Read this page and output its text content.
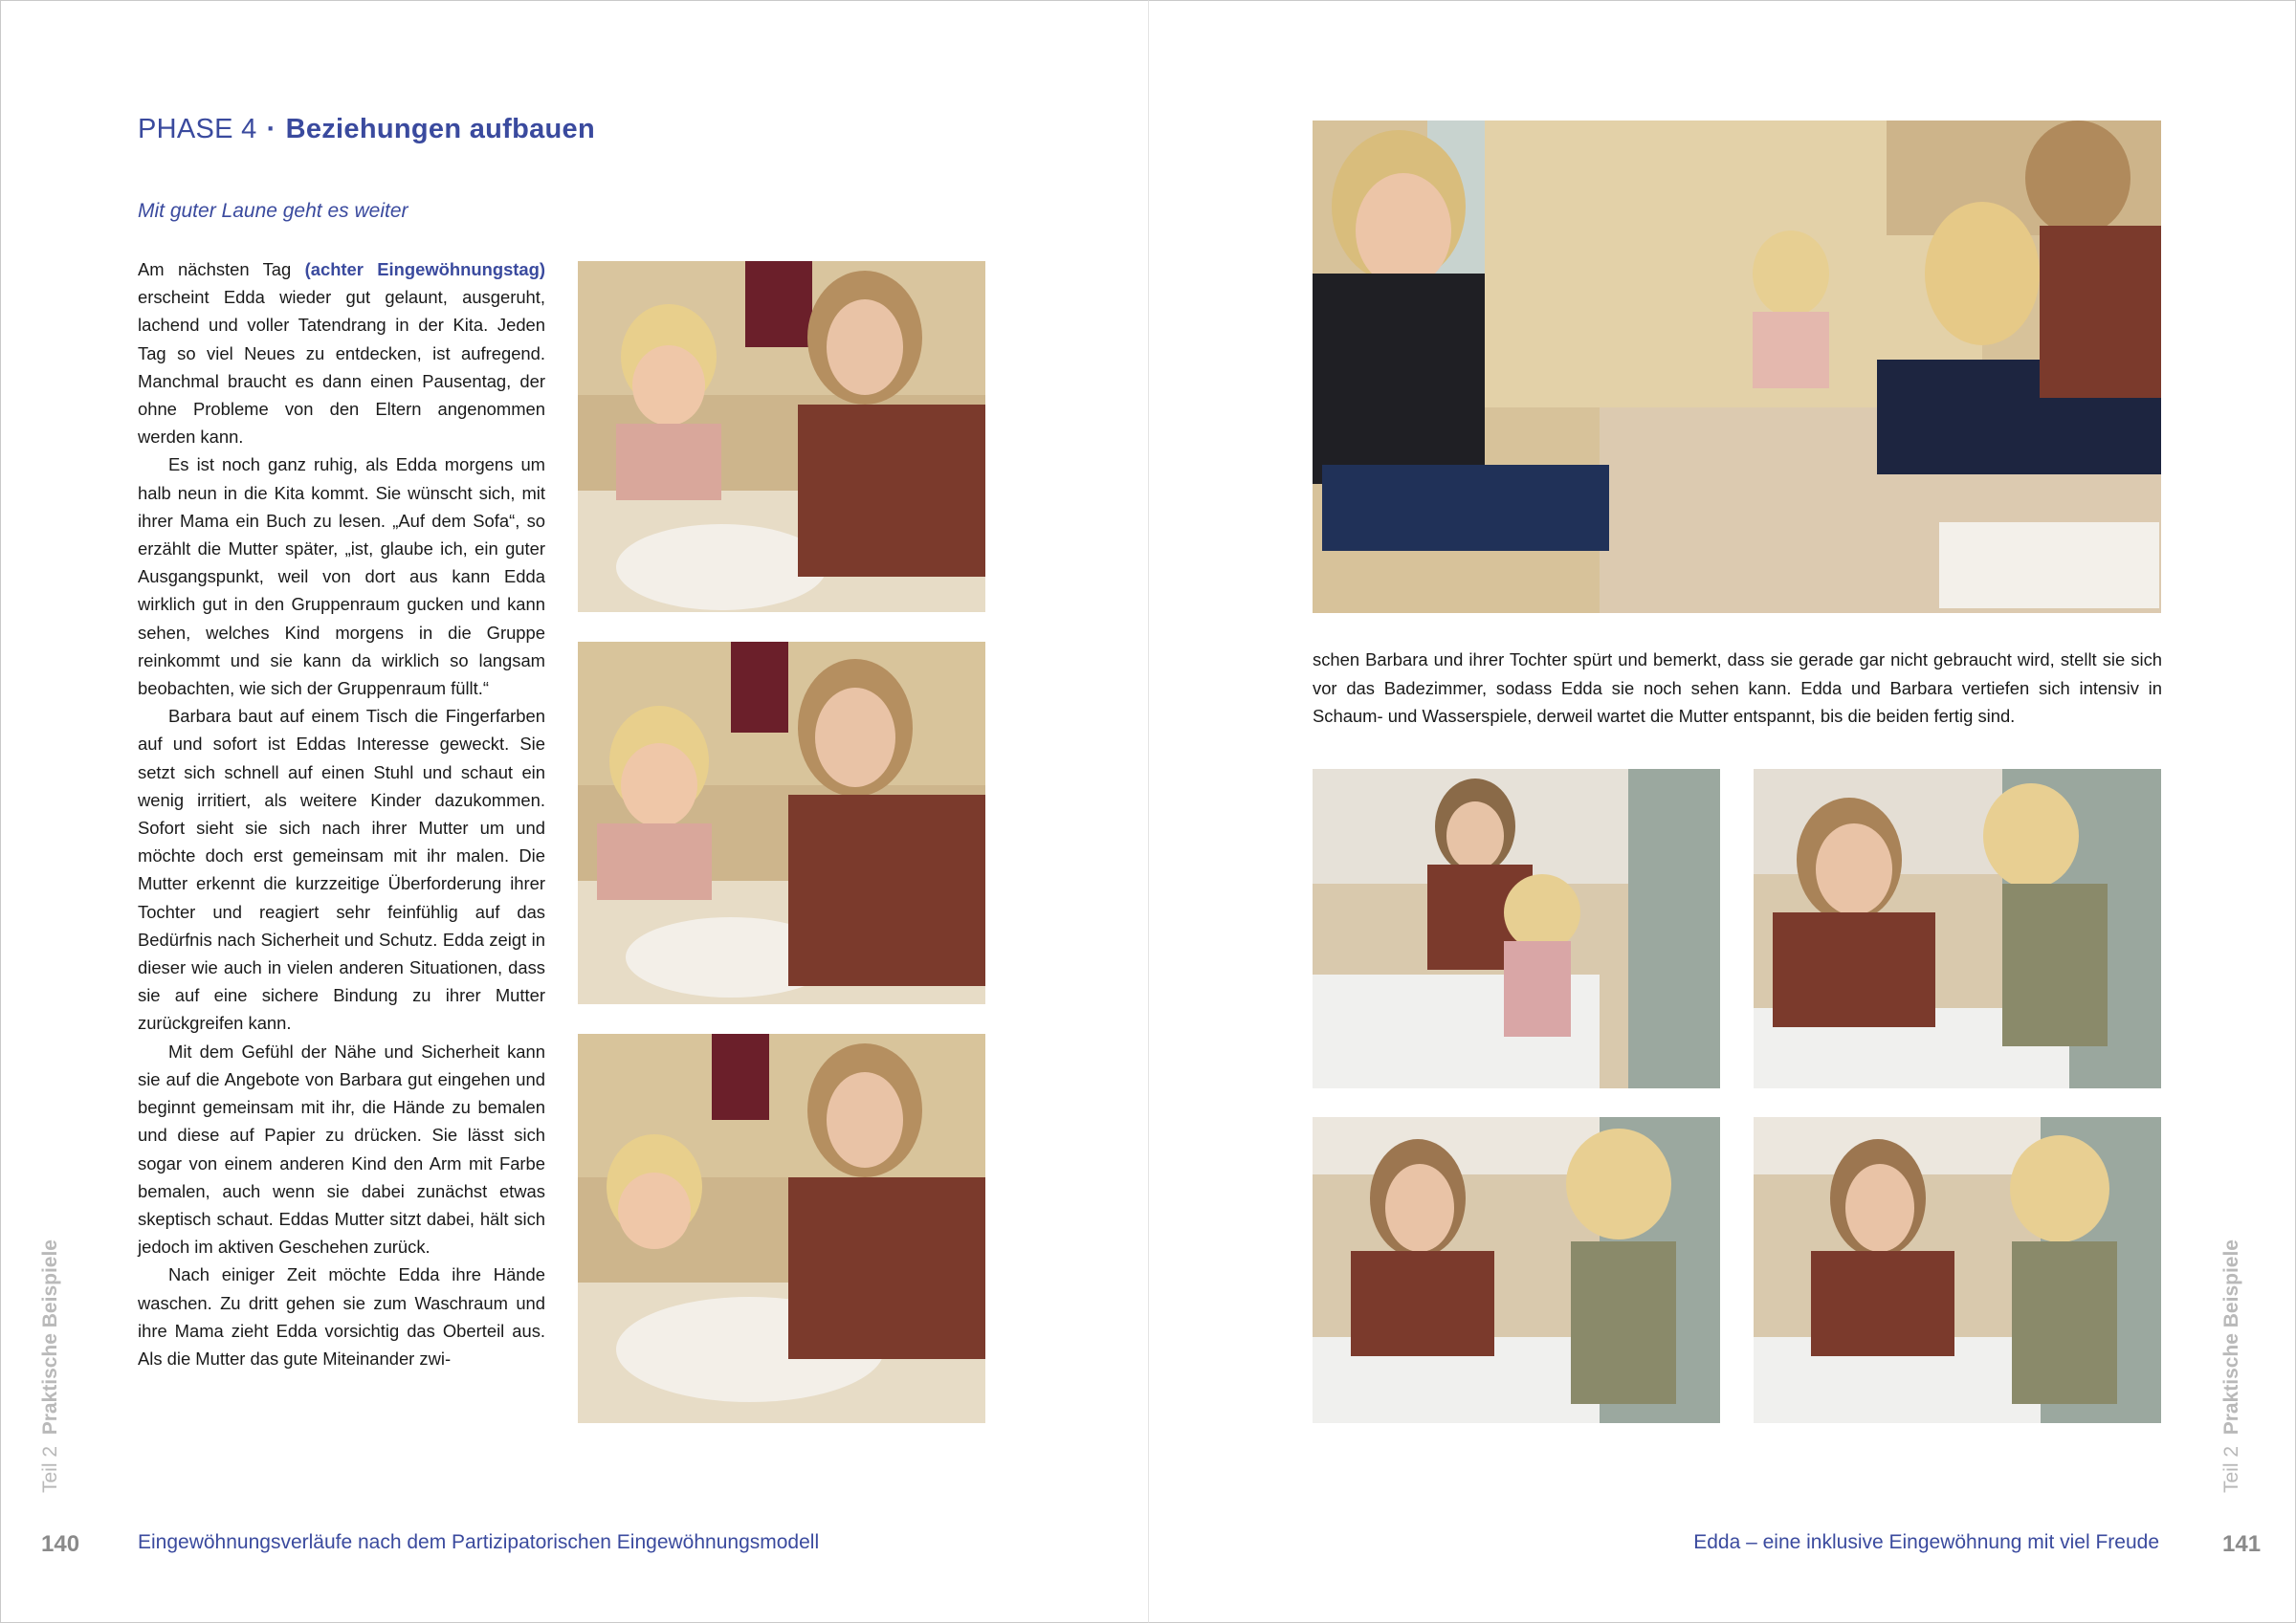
PHASE 4 · Beziehungen aufbauen
Mit guter Laune geht es weiter

Am nächsten Tag (achter Eingewöhnungstag) erscheint Edda wieder gut gelaunt, ausgeruht, lachend und voller Tatendrang in der Kita. Jeden Tag so viel Neues zu entdecken, ist aufregend. Manchmal braucht es dann einen Pausentag, der ohne Probleme von den Eltern angenommen werden kann.

Es ist noch ganz ruhig, als Edda morgens um halb neun in die Kita kommt. Sie wünscht sich, mit ihrer Mama ein Buch zu lesen. „Auf dem Sofa“, so erzählt die Mutter später, „ist, glaube ich, ein guter Ausgangspunkt, weil von dort aus kann Edda wirklich gut in den Gruppenraum gucken und kann sehen, welches Kind morgens in die Gruppe reinkommt und sie kann da wirklich so langsam beobachten, wie sich der Gruppenraum füllt.“

Barbara baut auf einem Tisch die Fingerfarben auf und sofort ist Eddas Interesse geweckt. Sie setzt sich schnell auf einen Stuhl und schaut ein wenig irritiert, als weitere Kinder dazukommen. Sofort sieht sie sich nach ihrer Mutter um und möchte doch erst gemeinsam mit ihr malen. Die Mutter erkennt die kurzzeitige Überforderung ihrer Tochter und reagiert sehr feinfühlig auf das Bedürfnis nach Sicherheit und Schutz. Edda zeigt in dieser wie auch in vielen anderen Situationen, dass sie auf eine sichere Bindung zu ihrer Mutter zurückgreifen kann.

Mit dem Gefühl der Nähe und Sicherheit kann sie auf die Angebote von Barbara gut eingehen und beginnt gemeinsam mit ihr, die Hände zu bemalen und diese auf Papier zu drücken. Sie lässt sich sogar von einem anderen Kind den Arm mit Farbe bemalen, auch wenn sie dabei zunächst etwas skeptisch schaut. Eddas Mutter sitzt dabei, hält sich jedoch im aktiven Geschehen zurück.

Nach einiger Zeit möchte Edda ihre Hände waschen. Zu dritt gehen sie zum Waschraum und ihre Mama zieht Edda vorsichtig das Oberteil aus. Als die Mutter das gute Miteinander zwi-

Teil 2  Praktische Beispiele
140	Eingewöhnungsverläufe nach dem Partizipatorischen Eingewöhnungsmodell

schen Barbara und ihrer Tochter spürt und bemerkt, dass sie gerade gar nicht gebraucht wird, stellt sie sich vor das Badezimmer, sodass Edda sie noch sehen kann. Edda und Barbara vertiefen sich intensiv in Schaum- und Wasserspiele, derweil wartet die Mutter entspannt, bis die beiden fertig sind.

Teil 2  Praktische Beispiele
Edda – eine inklusive Eingewöhnung mit viel Freude	141
